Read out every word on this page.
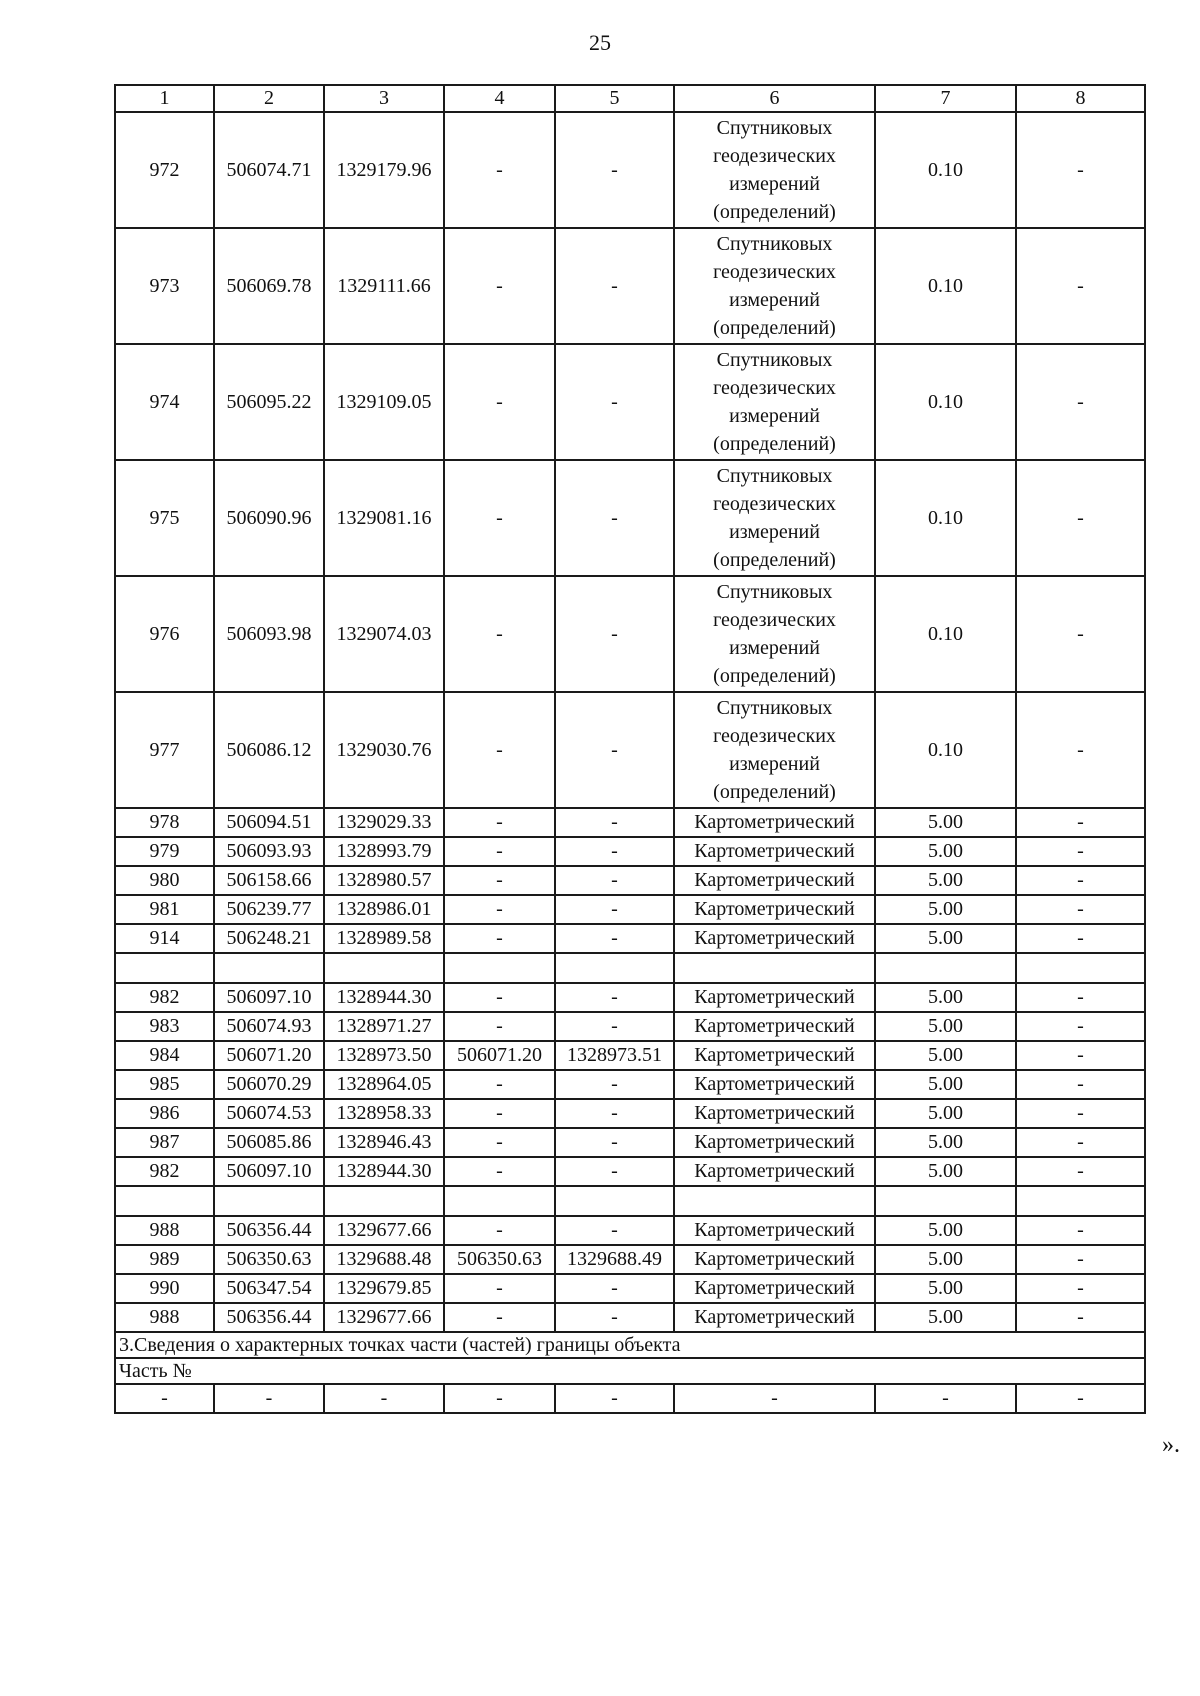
25
1	2	3	4	5	6	7	8
972	506074.71	1329179.96	-	-	Спутниковых геодезических измерений (определений)	0.10	-
973	506069.78	1329111.66	-	-	Спутниковых геодезических измерений (определений)	0.10	-
974	506095.22	1329109.05	-	-	Спутниковых геодезических измерений (определений)	0.10	-
975	506090.96	1329081.16	-	-	Спутниковых геодезических измерений (определений)	0.10	-
976	506093.98	1329074.03	-	-	Спутниковых геодезических измерений (определений)	0.10	-
977	506086.12	1329030.76	-	-	Спутниковых геодезических измерений (определений)	0.10	-
978	506094.51	1329029.33	-	-	Картометрический	5.00	-
979	506093.93	1328993.79	-	-	Картометрический	5.00	-
980	506158.66	1328980.57	-	-	Картометрический	5.00	-
981	506239.77	1328986.01	-	-	Картометрический	5.00	-
914	506248.21	1328989.58	-	-	Картометрический	5.00	-

982	506097.10	1328944.30	-	-	Картометрический	5.00	-
983	506074.93	1328971.27	-	-	Картометрический	5.00	-
984	506071.20	1328973.50	506071.20	1328973.51	Картометрический	5.00	-
985	506070.29	1328964.05	-	-	Картометрический	5.00	-
986	506074.53	1328958.33	-	-	Картометрический	5.00	-
987	506085.86	1328946.43	-	-	Картометрический	5.00	-
982	506097.10	1328944.30	-	-	Картометрический	5.00	-

988	506356.44	1329677.66	-	-	Картометрический	5.00	-
989	506350.63	1329688.48	506350.63	1329688.49	Картометрический	5.00	-
990	506347.54	1329679.85	-	-	Картометрический	5.00	-
988	506356.44	1329677.66	-	-	Картометрический	5.00	-
3.Сведения о характерных точках части (частей) границы объекта							
Часть №							
-	-	-	-	-	-	-	-
».
